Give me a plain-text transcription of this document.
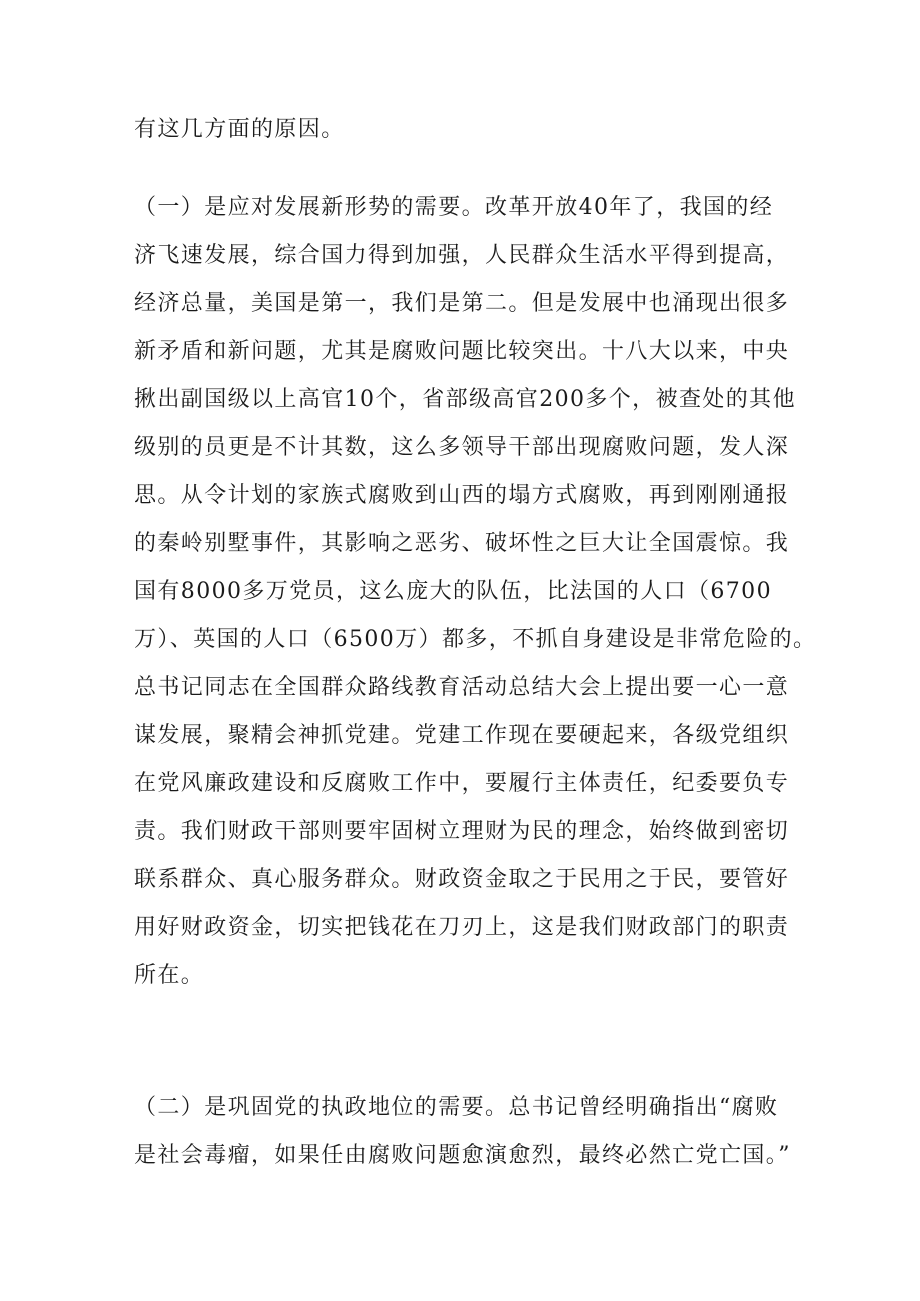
有这几方面的原因。
（一）是应对发展新形势的需要。改革开放40年了，我国的经
济飞速发展，综合国力得到加强，人民群众生活水平得到提高，
经济总量，美国是第一，我们是第二。但是发展中也涌现出很多
新矛盾和新问题，尤其是腐败问题比较突出。十八大以来，中央
揪出副国级以上高官10个，省部级高官200多个，被查处的其他
级别的员更是不计其数，这么多领导干部出现腐败问题，发人深
思。从令计划的家族式腐败到山西的塌方式腐败，再到刚刚通报
的秦岭别墅事件，其影响之恶劣、破坏性之巨大让全国震惊。我
国有8000多万党员，这么庞大的队伍，比法国的人口（6700
万）、英国的人口（6500万）都多，不抓自身建设是非常危险的。
总书记同志在全国群众路线教育活动总结大会上提出要一心一意
谋发展，聚精会神抓党建。党建工作现在要硬起来，各级党组织
在党风廉政建设和反腐败工作中，要履行主体责任，纪委要负专
责。我们财政干部则要牢固树立理财为民的理念，始终做到密切
联系群众、真心服务群众。财政资金取之于民用之于民，要管好
用好财政资金，切实把钱花在刀刃上，这是我们财政部门的职责
所在。
（二）是巩固党的执政地位的需要。总书记曾经明确指出“腐败
是社会毒瘤，如果任由腐败问题愈演愈烈，最终必然亡党亡国。”
